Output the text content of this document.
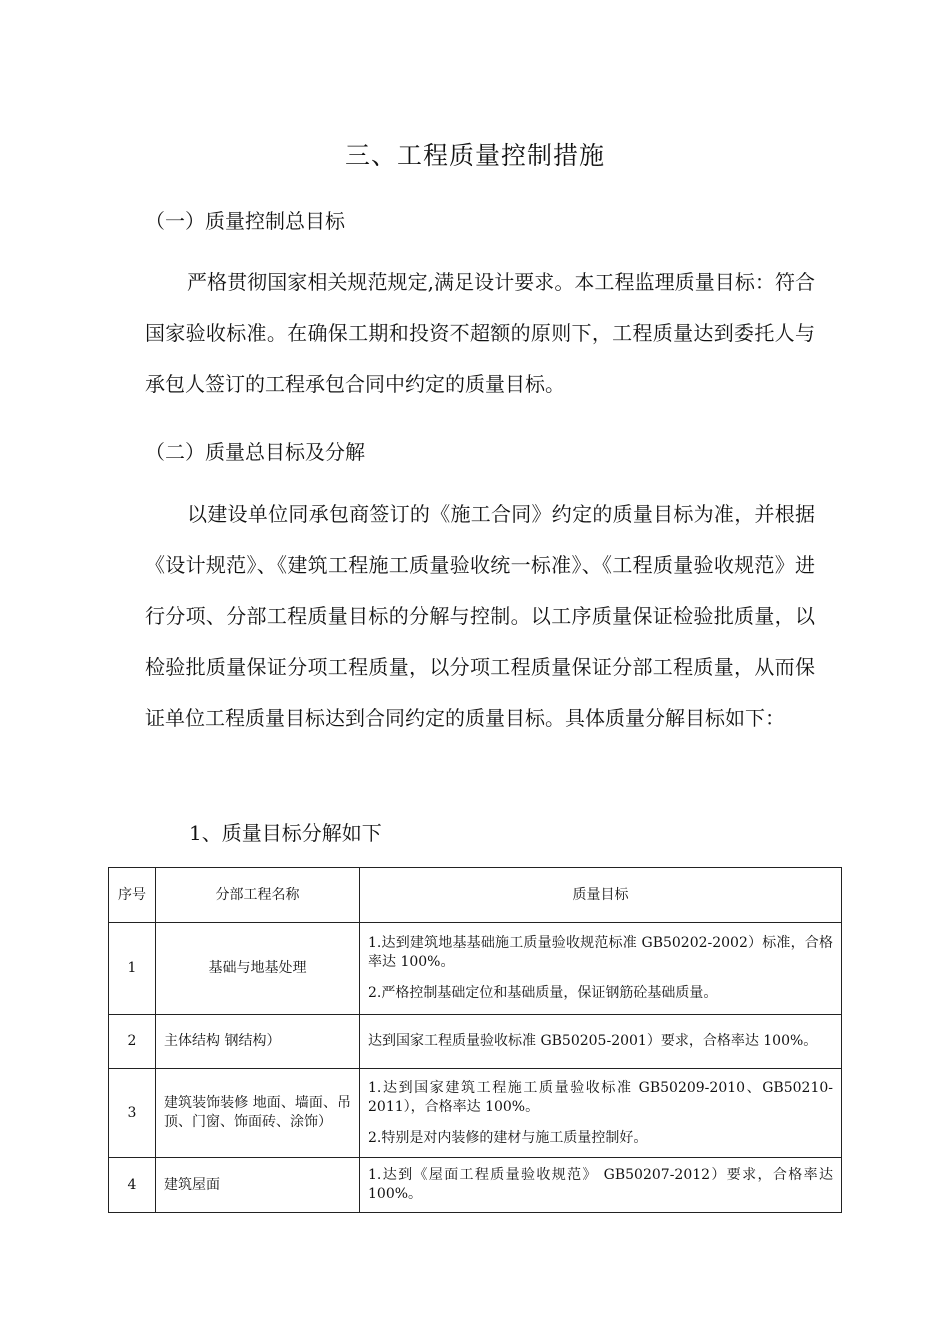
三、工程质量控制措施
（一）质量控制总目标

严格贯彻国家相关规范规定,满足设计要求。本工程监理质量目标：符合国家验收标准。在确保工期和投资不超额的原则下，工程质量达到委托人与承包人签订的工程承包合同中约定的质量目标。

（二）质量总目标及分解

以建设单位同承包商签订的《施工合同》约定的质量目标为准，并根据《设计规范》、《建筑工程施工质量验收统一标准》、《工程质量验收规范》进行分项、分部工程质量目标的分解与控制。以工序质量保证检验批质量，以检验批质量保证分项工程质量，以分项工程质量保证分部工程质量，从而保证单位工程质量目标达到合同约定的质量目标。具体质量分解目标如下：

1、质量目标分解如下
序号	分部工程名称	质量目标
1	基础与地基处理	1.达到建筑地基基础施工质量验收规范标准 GB50202-2002）标准，合格率达 100%。

2.严格控制基础定位和基础质量，保证钢筋砼基础质量。

2	主体结构 钢结构）	达到国家工程质量验收标准 GB50205-2001）要求，合格率达 100%。

3	建筑装饰装修 地面、墙面、吊顶、门窗、饰面砖、涂饰）	1.达到国家建筑工程施工质量验收标准 GB50209-2010、GB50210-2011），合格率达 100%。

2.特别是对内装修的建材与施工质量控制好。

4	建筑屋面	1.达到《屋面工程质量验收规范》 GB50207-2012）要求，合格率达 100%。
